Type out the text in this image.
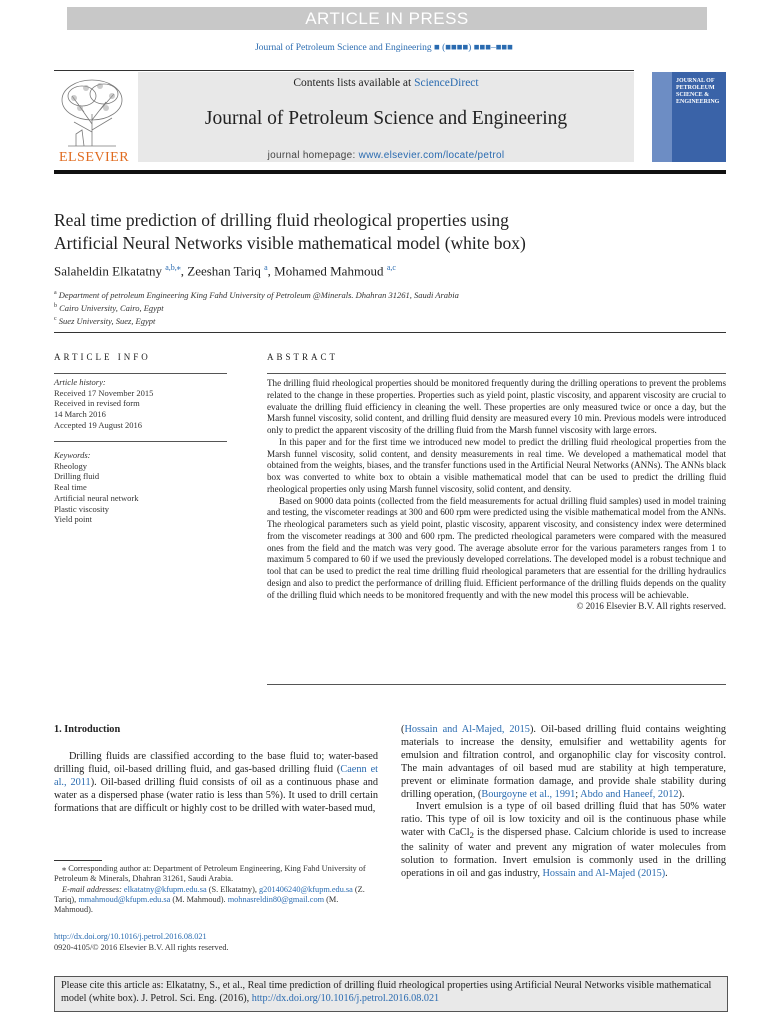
ARTICLE IN PRESS
Journal of Petroleum Science and Engineering ■ (■■■■) ■■■–■■■
ELSEVIER
Contents lists available at ScienceDirect
Journal of Petroleum Science and Engineering
journal homepage: www.elsevier.com/locate/petrol
JOURNAL OF PETROLEUM SCIENCE & ENGINEERING
Real time prediction of drilling fluid rheological properties using
Artificial Neural Networks visible mathematical model (white box)
Salaheldin Elkatatny $^{a,b,⁎}$, Zeeshan Tariq $^a$, Mohamed Mahmoud $^{a,c}$
$^a$ Department of petroleum Engineering King Fahd University of Petroleum @Minerals. Dhahran 31261, Saudi Arabia
$^b$ Cairo University, Cairo, Egypt
$^c$ Suez University, Suez, Egypt
ARTICLE INFO	ABSTRACT
Article history:
Received 17 November 2015
Received in revised form
14 March 2016
Accepted 19 August 2016
Keywords:
Rheology
Drilling fluid
Real time
Artificial neural network
Plastic viscosity
Yield point

The drilling fluid rheological properties should be monitored frequently during the drilling operations to prevent the problems related to the change in these properties. Properties such as yield point, plastic viscosity, and apparent viscosity are crucial to evaluate the drilling fluid efficiency in cleaning the well. These properties are only measured twice or once a day, but the Marsh funnel viscosity, solid content, and drilling fluid density are measured every 10 min. Previous models were introduced only to predict the apparent viscosity of the drilling fluid from the Marsh funnel viscosity with large errors.

In this paper and for the first time we introduced new model to predict the drilling fluid rheological properties from the Marsh funnel viscosity, solid content, and density measurements in real time. We developed a mathematical model that obtained from the weights, biases, and the transfer functions used in the Artificial Neural Networks (ANNs). The ANNs black box was converted to white box to obtain a visible mathematical model that can be used to predict the drilling fluid rheological properties only using Marsh funnel viscosity, solid content, and density.

Based on 9000 data points (collected from the field measurements for actual drilling fluid samples) used in model training and testing, the viscometer readings at 300 and 600 rpm were predicted using the visible mathematical model from the ANNs. The rheological parameters such as yield point, plastic viscosity, apparent viscosity, and consistency index were determined from the viscometer readings at 300 and 600 rpm. The predicted rheological parameters were compared with the measured ones from the field and the match was very good. The average absolute error for the various parameters ranges from 1 to maximum 5 compared to 60 if we used the previously developed correlations. The developed model is a robust technique and tool that can be used to predict the real time drilling fluid rheological parameters that are essential for the drilling hydraulics design and also to predict the performance of drilling fluid. Efficient performance of the drilling fluids depends on the quality of the drilling fluid which needs to be monitored frequently and with the new model this process will be achievable.

© 2016 Elsevier B.V. All rights reserved.

1. Introduction

Drilling fluids are classified according to the base fluid to; water-based drilling fluid, oil-based drilling fluid, and gas-based drilling fluid (Caenn et al., 2011). Oil-based drilling fluid consists of oil as a continuous phase and water as a dispersed phase (water ratio is less than 5%). It used to drill certain formations that are difficult or highly cost to be drilled with water-based mud,

(Hossain and Al-Majed, 2015). Oil-based drilling fluid contains weighting materials to increase the density, emulsifier and wettability agents for emulsion and filtration control, and organophilic clay for viscosity control. The main advantages of oil based mud are stability at high temperature, prevent or eliminate formation damage, and provide shale stability during drilling operation, (Bourgoyne et al., 1991; Abdo and Haneef, 2012).

Invert emulsion is a type of oil based drilling fluid that has 50% water ratio. This type of oil is low toxicity and oil is the continuous phase while water with CaCl$_2$ is the dispersed phase. Calcium chloride is used to increase the salinity of water and prevent any migration of water molecules from solution to formation. Invert emulsion is commonly used in the drilling operations in oil and gas industry, Hossain and Al-Majed (2015).

⁎ Corresponding author at: Department of Petroleum Engineering, King Fahd University of Petroleum & Minerals, Dhahran 31261, Saudi Arabia.
E-mail addresses: elkatatny@kfupm.edu.sa (S. Elkatatny), g201406240@kfupm.edu.sa (Z. Tariq), mmahmoud@kfupm.edu.sa (M. Mahmoud). mohnasreldin80@gmail.com (M. Mahmoud).
http://dx.doi.org/10.1016/j.petrol.2016.08.021
0920-4105/© 2016 Elsevier B.V. All rights reserved.
Please cite this article as: Elkatatny, S., et al., Real time prediction of drilling fluid rheological properties using Artificial Neural Networks visible mathematical model (white box). J. Petrol. Sci. Eng. (2016), http://dx.doi.org/10.1016/j.petrol.2016.08.021
